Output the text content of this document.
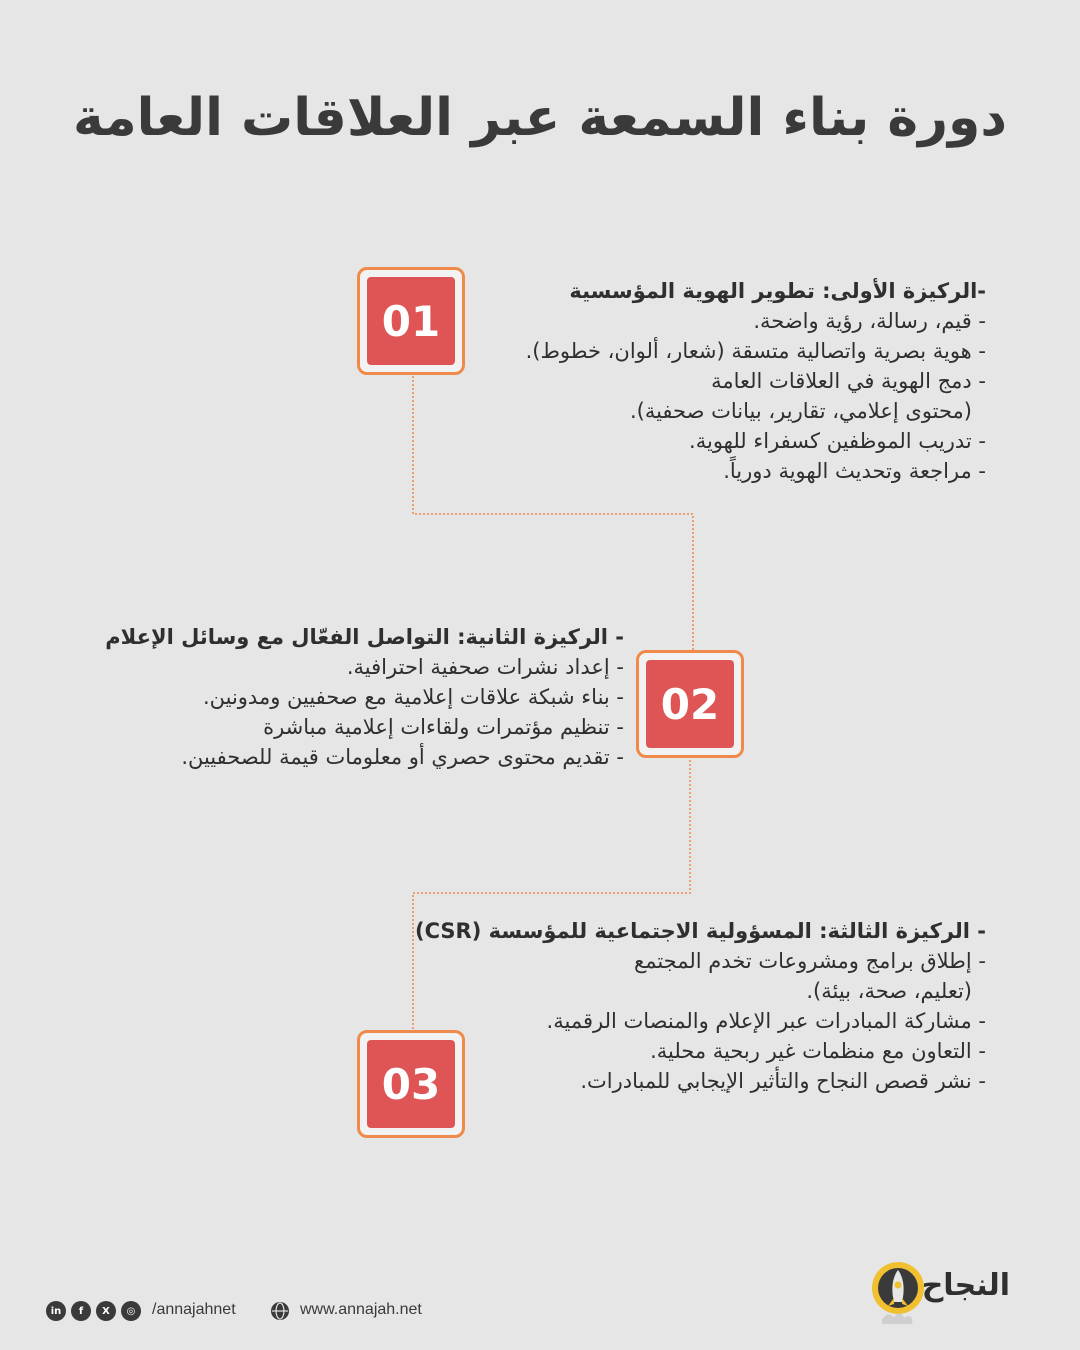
دورة بناء السمعة عبر العلاقات العامة
01
-الركيزة الأولى: تطوير الهوية المؤسسية
- قيم، رسالة، رؤية واضحة.
- هوية بصرية واتصالية متسقة (شعار، ألوان، خطوط).
- دمج الهوية في العلاقات العامة
(محتوى إعلامي، تقارير، بيانات صحفية).
- تدريب الموظفين كسفراء للهوية.
- مراجعة وتحديث الهوية دورياً.
02
- الركيزة الثانية: التواصل الفعّال مع وسائل الإعلام
- إعداد نشرات صحفية احترافية.
- بناء شبكة علاقات إعلامية مع صحفيين ومدونين.
- تنظيم مؤتمرات ولقاءات إعلامية مباشرة
- تقديم محتوى حصري أو معلومات قيمة للصحفيين.
03
- الركيزة الثالثة: المسؤولية الاجتماعية للمؤسسة (CSR)
- إطلاق برامج ومشروعات تخدم المجتمع
(تعليم، صحة، بيئة).
- مشاركة المبادرات عبر الإعلام والمنصات الرقمية.
- التعاون مع منظمات غير ربحية محلية.
- نشر قصص النجاح والتأثير الإيجابي للمبادرات.
in	f	X	◎	/annajahnet	www.annajah.net
النجاح
